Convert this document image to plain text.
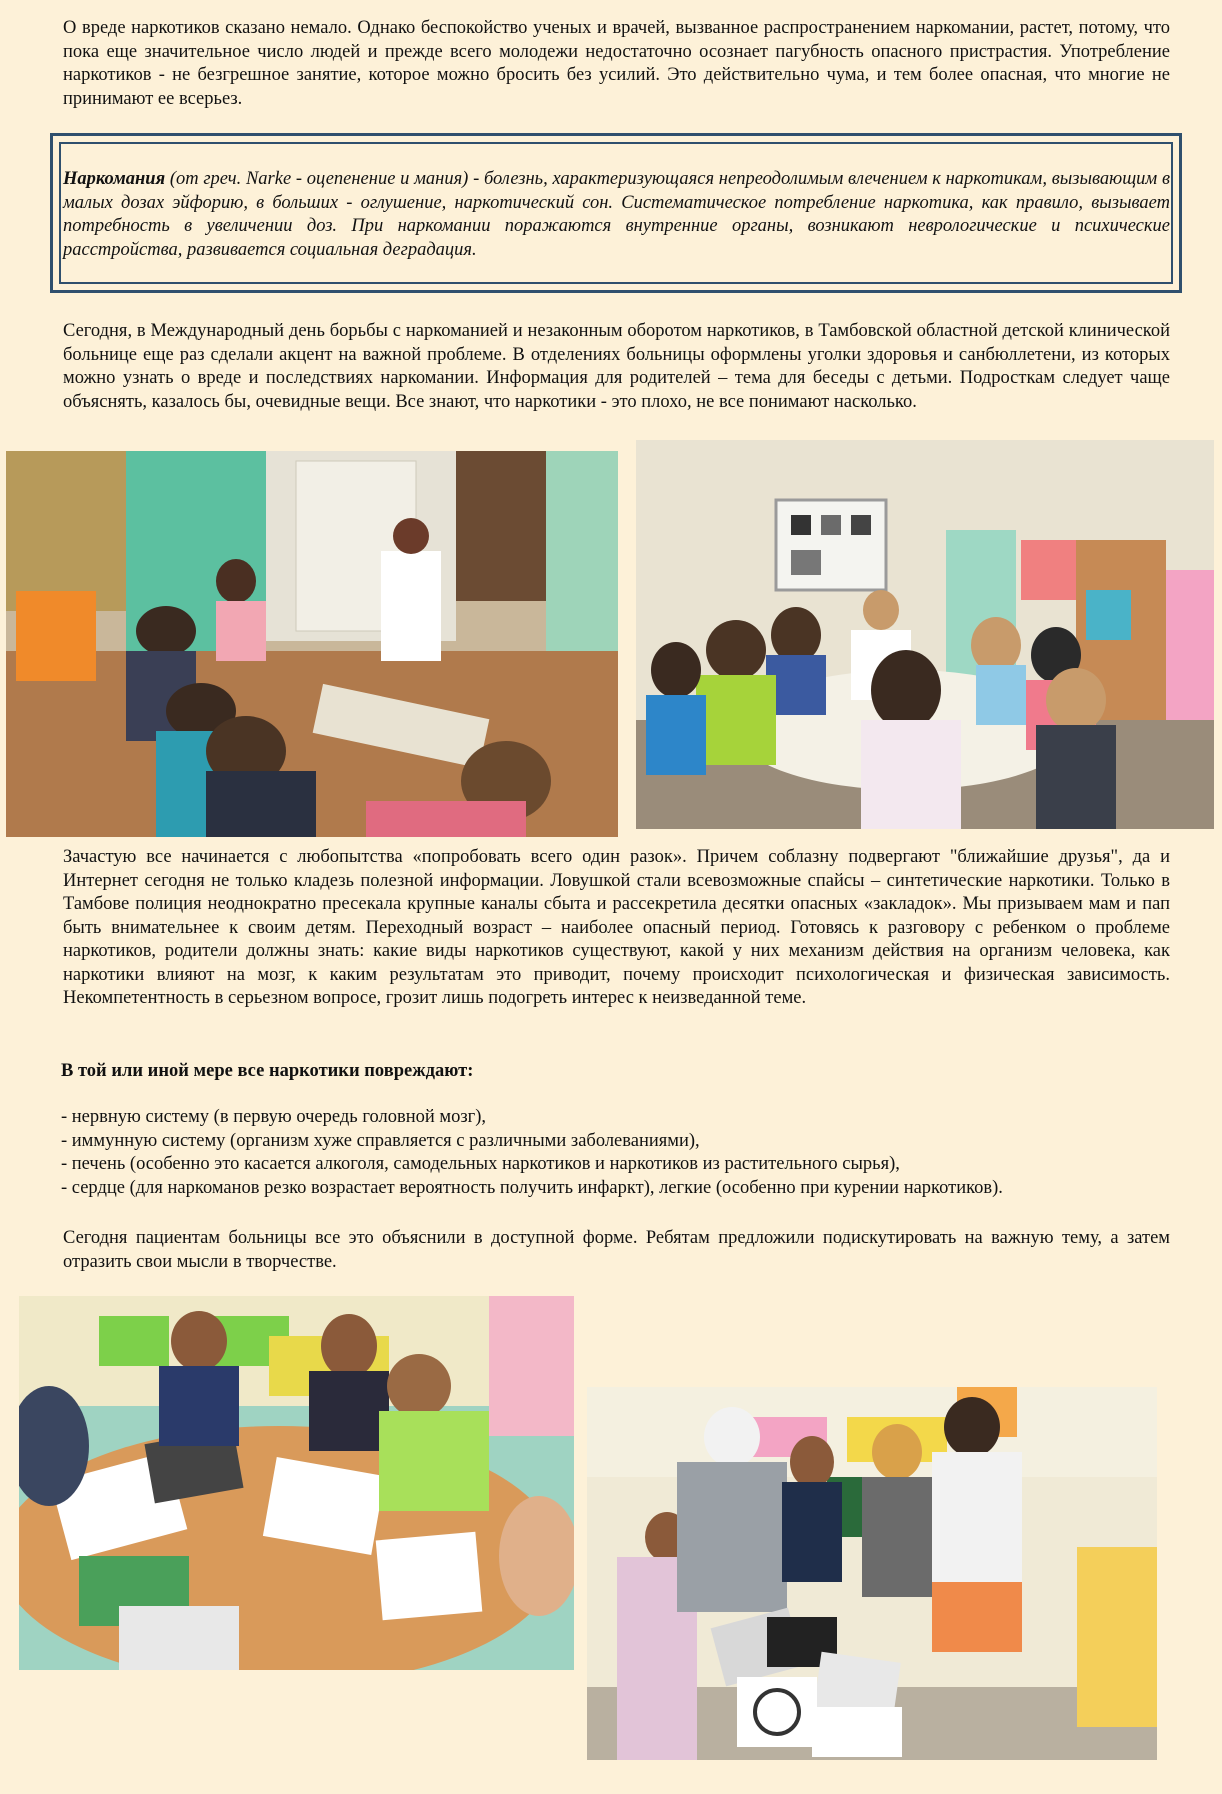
О вреде наркотиков сказано немало. Однако беспокойство ученых и врачей, вызванное распространением наркомании, растет, потому, что пока еще значительное число людей и прежде всего молодежи недостаточно осознает пагубность опасного пристрастия. Употребление наркотиков - не безгрешное занятие, которое можно бросить без усилий. Это действительно чума, и тем более опасная, что многие не принимают ее всерьез.

Наркомания (от греч. Narke - оцепенение и мания) - болезнь, характеризующаяся непреодолимым влечением к наркотикам, вызывающим в малых дозах эйфорию, в больших - оглушение, наркотический сон. Систематическое потребление наркотика, как правило, вызывает потребность в увеличении доз. При наркомании поражаются внутренние органы, возникают неврологические и психические расстройства, развивается социальная деградация.

Сегодня, в Международный день борьбы с наркоманией и незаконным оборотом наркотиков, в Тамбовской областной детской клинической больнице еще раз сделали акцент на важной проблеме. В отделениях больницы оформлены уголки здоровья и санбюллетени, из которых можно узнать о вреде и последствиях наркомании. Информация для родителей – тема для беседы с детьми. Подросткам следует чаще объяснять, казалось бы, очевидные вещи. Все знают, что наркотики - это плохо, не все понимают насколько.

Зачастую все начинается с любопытства «попробовать всего один разок». Причем соблазну подвергают "ближайшие друзья", да и Интернет сегодня не только кладезь полезной информации. Ловушкой стали всевозможные спайсы – синтетические наркотики. Только в Тамбове полиция неоднократно пресекала крупные каналы сбыта и рассекретила десятки опасных «закладок». Мы призываем мам и пап быть внимательнее к своим детям. Переходный возраст – наиболее опасный период. Готовясь к разговору с ребенком о проблеме наркотиков, родители должны знать: какие виды наркотиков существуют, какой у них механизм действия на организм человека, как наркотики влияют на мозг, к каким результатам это приводит, почему происходит психологическая и физическая зависимость. Некомпетентность в серьезном вопросе, грозит лишь подогреть интерес к неизведанной теме.

В той или иной мере все наркотики повреждают:

- нервную систему (в первую очередь головной мозг),
- иммунную систему (организм хуже справляется с различными заболеваниями),
- печень (особенно это касается алкоголя, самодельных наркотиков и наркотиков из растительного сырья),
- сердце (для наркоманов резко возрастает вероятность получить инфаркт), легкие (особенно при курении наркотиков).

Сегодня пациентам больницы все это объяснили в доступной форме. Ребятам предложили подискутировать на важную тему, а затем отразить свои мысли в творчестве.
